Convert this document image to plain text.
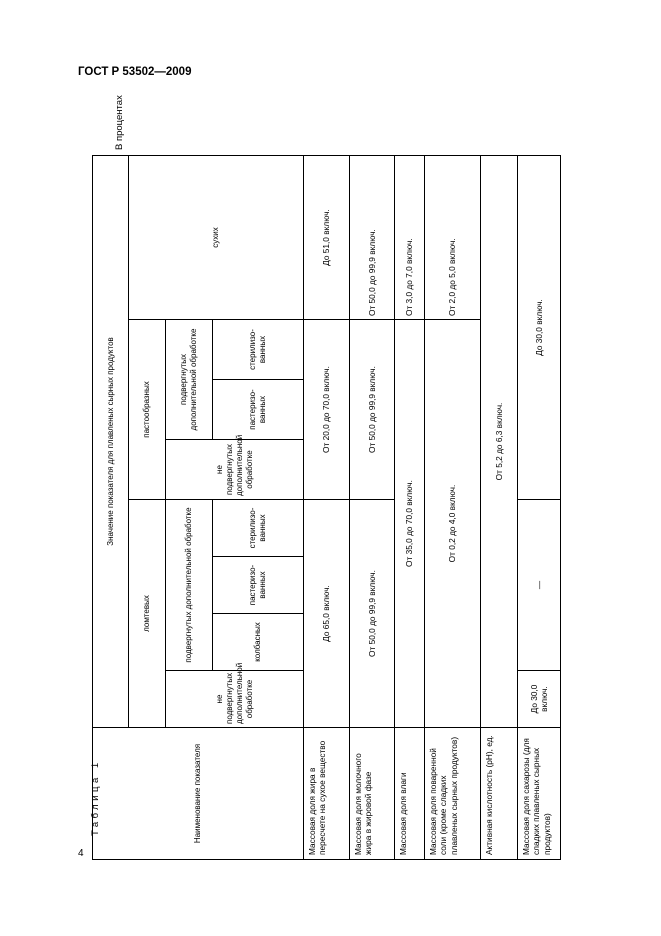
ГОСТ Р 53502—2009
4
Таблица 1
В процентах
Наименование показателя	Значение показателя для плавленых сырных продуктов							
	ломтевых				пастообразных			сухих
	не подвергнутых дополнительной обработке	подвергнутых дополнительной обработке			не подвергнутых дополнительной обработке	подвергнутых дополнительной обработке		
		колбасных	пастеризо-ванных	стерилизо-ванных		пастеризо-ванных	стерилизо-ванных	
Массовая доля жира в пересчете на сухое вещество	До 65,0 включ.				От 20,0 до 70,0 включ.			До 51,0 включ.
Массовая доля молочного жира в жировой фазе	От 50,0 до 99,9 включ.				От 50,0 до 99,9 включ.			От 50,0 до 99,9 включ.
Массовая доля влаги	От 35,0 до 70,0 включ.							От 3,0 до 7,0 включ.
Массовая доля поваренной соли (кроме сладких плавленых сырных продуктов)	От 0,2 до 4,0 включ.							От 2,0 до 5,0 включ.
Активная кислотность (рН), ед.	От 5,2 до 6,3 включ.							
Массовая доля сахарозы (для сладких плавленых сырных продуктов)	До 30,0 включ.	—			До 30,0 включ.			
